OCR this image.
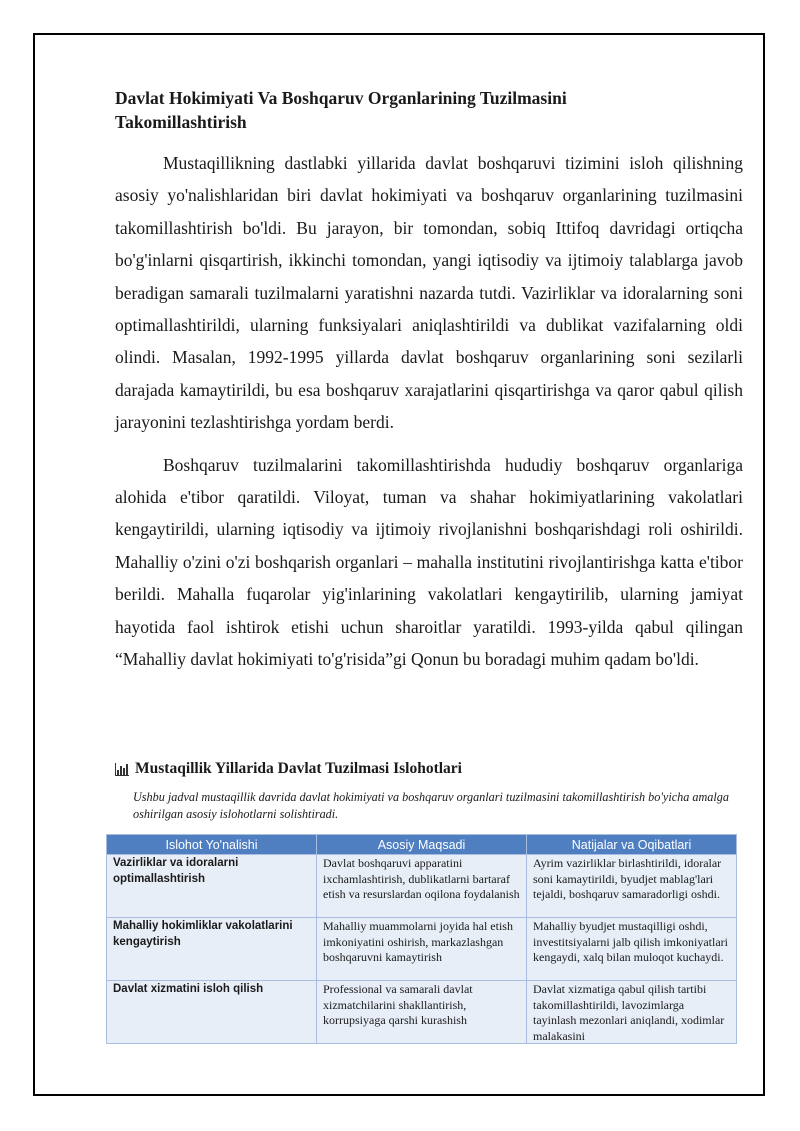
Davlat Hokimiyati Va Boshqaruv Organlarining Tuzilmasini Takomillashtirish

Mustaqillikning dastlabki yillarida davlat boshqaruvi tizimini isloh qilishning asosiy yo'nalishlaridan biri davlat hokimiyati va boshqaruv organlarining tuzilmasini takomillashtirish bo'ldi. Bu jarayon, bir tomondan, sobiq Ittifoq davridagi ortiqcha bo'g'inlarni qisqartirish, ikkinchi tomondan, yangi iqtisodiy va ijtimoiy talablarga javob beradigan samarali tuzilmalarni yaratishni nazarda tutdi. Vazirliklar va idoralarning soni optimallashtirildi, ularning funksiyalari aniqlashtirildi va dublikat vazifalarning oldi olindi. Masalan, 1992-1995 yillarda davlat boshqaruv organlarining soni sezilarli darajada kamaytirildi, bu esa boshqaruv xarajatlarini qisqartirishga va qaror qabul qilish jarayonini tezlashtirishga yordam berdi.

Boshqaruv tuzilmalarini takomillashtirishda hududiy boshqaruv organlariga alohida e'tibor qaratildi. Viloyat, tuman va shahar hokimiyatlarining vakolatlari kengaytirildi, ularning iqtisodiy va ijtimoiy rivojlanishni boshqarishdagi roli oshirildi. Mahalliy o'zini o'zi boshqarish organlari – mahalla institutini rivojlantirishga katta e'tibor berildi. Mahalla fuqarolar yig'inlarining vakolatlari kengaytirilib, ularning jamiyat hayotida faol ishtirok etishi uchun sharoitlar yaratildi. 1993-yilda qabul qilingan “Mahalliy davlat hokimiyati to'g'risida”gi Qonun bu boradagi muhim qadam bo'ldi.

Mustaqillik Yillarida Davlat Tuzilmasi Islohotlari
Ushbu jadval mustaqillik davrida davlat hokimiyati va boshqaruv organlari tuzilmasini takomillashtirish bo'yicha amalga oshirilgan asosiy islohotlarni solishtiradi.
Islohot Yo'nalishi	Asosiy Maqsadi	Natijalar va Oqibatlari

Vazirliklar va idoralarni optimallashtirish	Davlat boshqaruvi apparatini ixchamlashtirish, dublikatlarni bartaraf etish va resurslardan oqilona foydalanish	Ayrim vazirliklar birlashtirildi, idoralar soni kamaytirildi, byudjet mablag'lari tejaldi, boshqaruv samaradorligi oshdi.

Mahalliy hokimliklar vakolatlarini kengaytirish	Mahalliy muammolarni joyida hal etish imkoniyatini oshirish, markazlashgan boshqaruvni kamaytirish	Mahalliy byudjet mustaqilligi oshdi, investitsiyalarni jalb qilish imkoniyatlari kengaydi, xalq bilan muloqot kuchaydi.

Davlat xizmatini isloh qilish	Professional va samarali davlat xizmatchilarini shakllantirish, korrupsiyaga qarshi kurashish	Davlat xizmatiga qabul qilish tartibi takomillashtirildi, lavozimlarga tayinlash mezonlari aniqlandi, xodimlar malakasini
